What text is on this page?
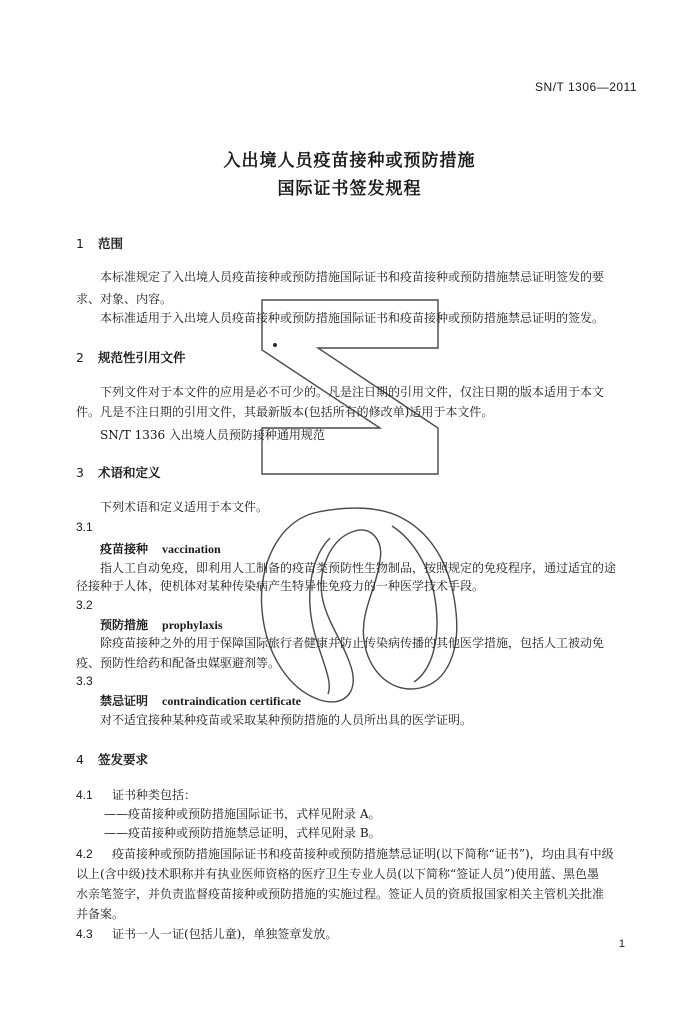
SN/T 1306—2011
入出境人员疫苗接种或预防措施
国际证书签发规程
1 范围
本标准规定了入出境人员疫苗接种或预防措施国际证书和疫苗接种或预防措施禁忌证明签发的要
求、对象、内容。
本标准适用于入出境人员疫苗接种或预防措施国际证书和疫苗接种或预防措施禁忌证明的签发。
2 规范性引用文件
下列文件对于本文件的应用是必不可少的。凡是注日期的引用文件，仅注日期的版本适用于本文
件。凡是不注日期的引用文件，其最新版本(包括所有的修改单)适用于本文件。
SN/T 1336 入出境人员预防接种通用规范
3 术语和定义
下列术语和定义适用于本文件。
3.1
疫苗接种 vaccination
指人工自动免疫，即利用人工制备的疫苗类预防性生物制品，按照规定的免疫程序，通过适宜的途
径接种于人体，使机体对某种传染病产生特异性免疫力的一种医学技术手段。
3.2
预防措施 prophylaxis
除疫苗接种之外的用于保障国际旅行者健康并防止传染病传播的其他医学措施，包括人工被动免
疫、预防性给药和配备虫媒驱避剂等。
3.3
禁忌证明 contraindication certificate
对不适宜接种某种疫苗或采取某种预防措施的人员所出具的医学证明。
4 签发要求
4.1 证书种类包括：
——疫苗接种或预防措施国际证书，式样见附录 A。
——疫苗接种或预防措施禁忌证明，式样见附录 B。
4.2 疫苗接种或预防措施国际证书和疫苗接种或预防措施禁忌证明(以下简称“证书”)，均由具有中级
以上(含中级)技术职称并有执业医师资格的医疗卫生专业人员(以下简称“签证人员”)使用蓝、黑色墨
水亲笔签字，并负责监督疫苗接种或预防措施的实施过程。签证人员的资质报国家相关主管机关批准
并备案。
4.3 证书一人一证(包括儿童)，单独签章发放。
1
